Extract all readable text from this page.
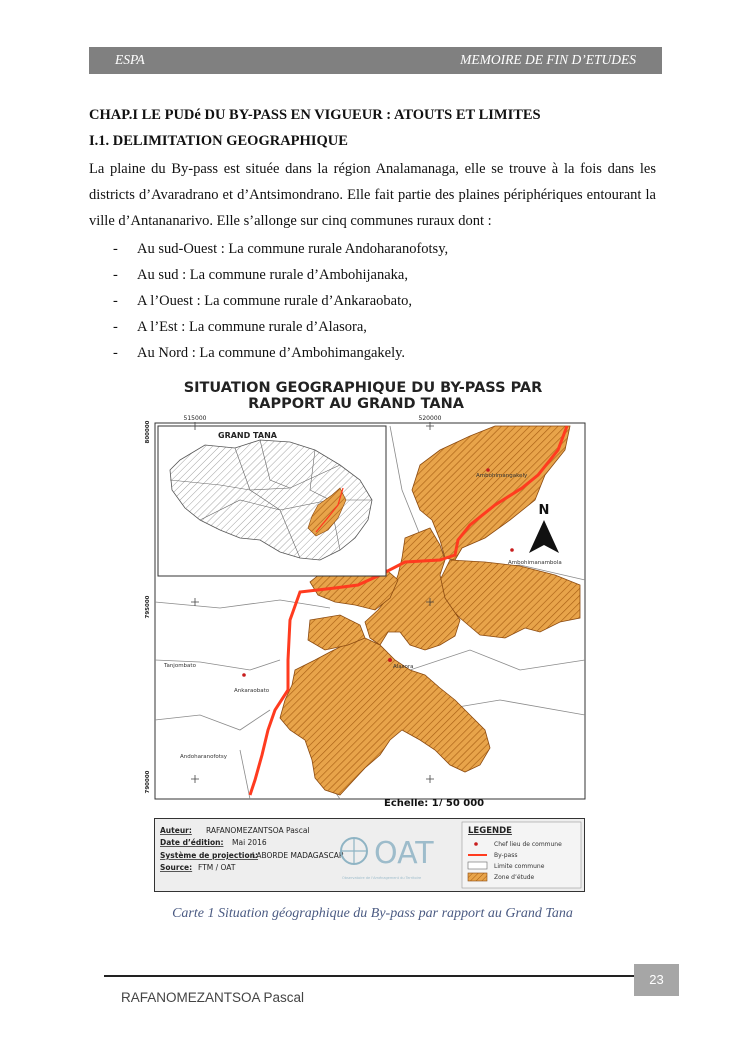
ESPA	MEMOIRE DE FIN D’ETUDES
CHAP.I LE PUDé DU BY-PASS EN VIGUEUR : ATOUTS ET LIMITES
I.1. DELIMITATION GEOGRAPHIQUE
La plaine du By-pass est située dans la région Analamanaga, elle se trouve à la fois dans les districts d’Avaradrano et d’Antsimondrano. Elle fait partie des plaines périphériques entourant la ville d’Antananarivo. Elle s’allonge sur cinq communes ruraux dont :
- Au sud-Ouest : La commune rurale Andoharanofotsy,
- Au sud : La commune rurale d’Ambohijanaka,
- A l’Ouest : La commune rurale d’Ankaraobato,
- A l’Est : La commune rurale d’Alasora,
- Au Nord : La commune d’Ambohimangakely.
SITUATION GEOGRAPHIQUE DU BY-PASS PAR
RAPPORT AU GRAND TANA
GRAND TANA
515000	520000
800000
795000
790000
Ambohimangakely
Ambohimanambola
Alasora
Tanjombato
Ankaraobato
Andoharanofotsy
N
Echelle: 1/ 50 000
Auteur: RAFANOMEZANTSOA Pascal
Date d’édition: Mai 2016
Système de projection:
LABORDE MADAGASCAR
Source: FTM / OAT	OAT
Observatoire de l'Aménagement du Territoire
LEGENDE
Chef lieu de commune
By-pass
Limite commune
Zone d’étude
Carte 1 Situation géographique du By-pass par rapport au Grand Tana
23
RAFANOMEZANTSOA Pascal
